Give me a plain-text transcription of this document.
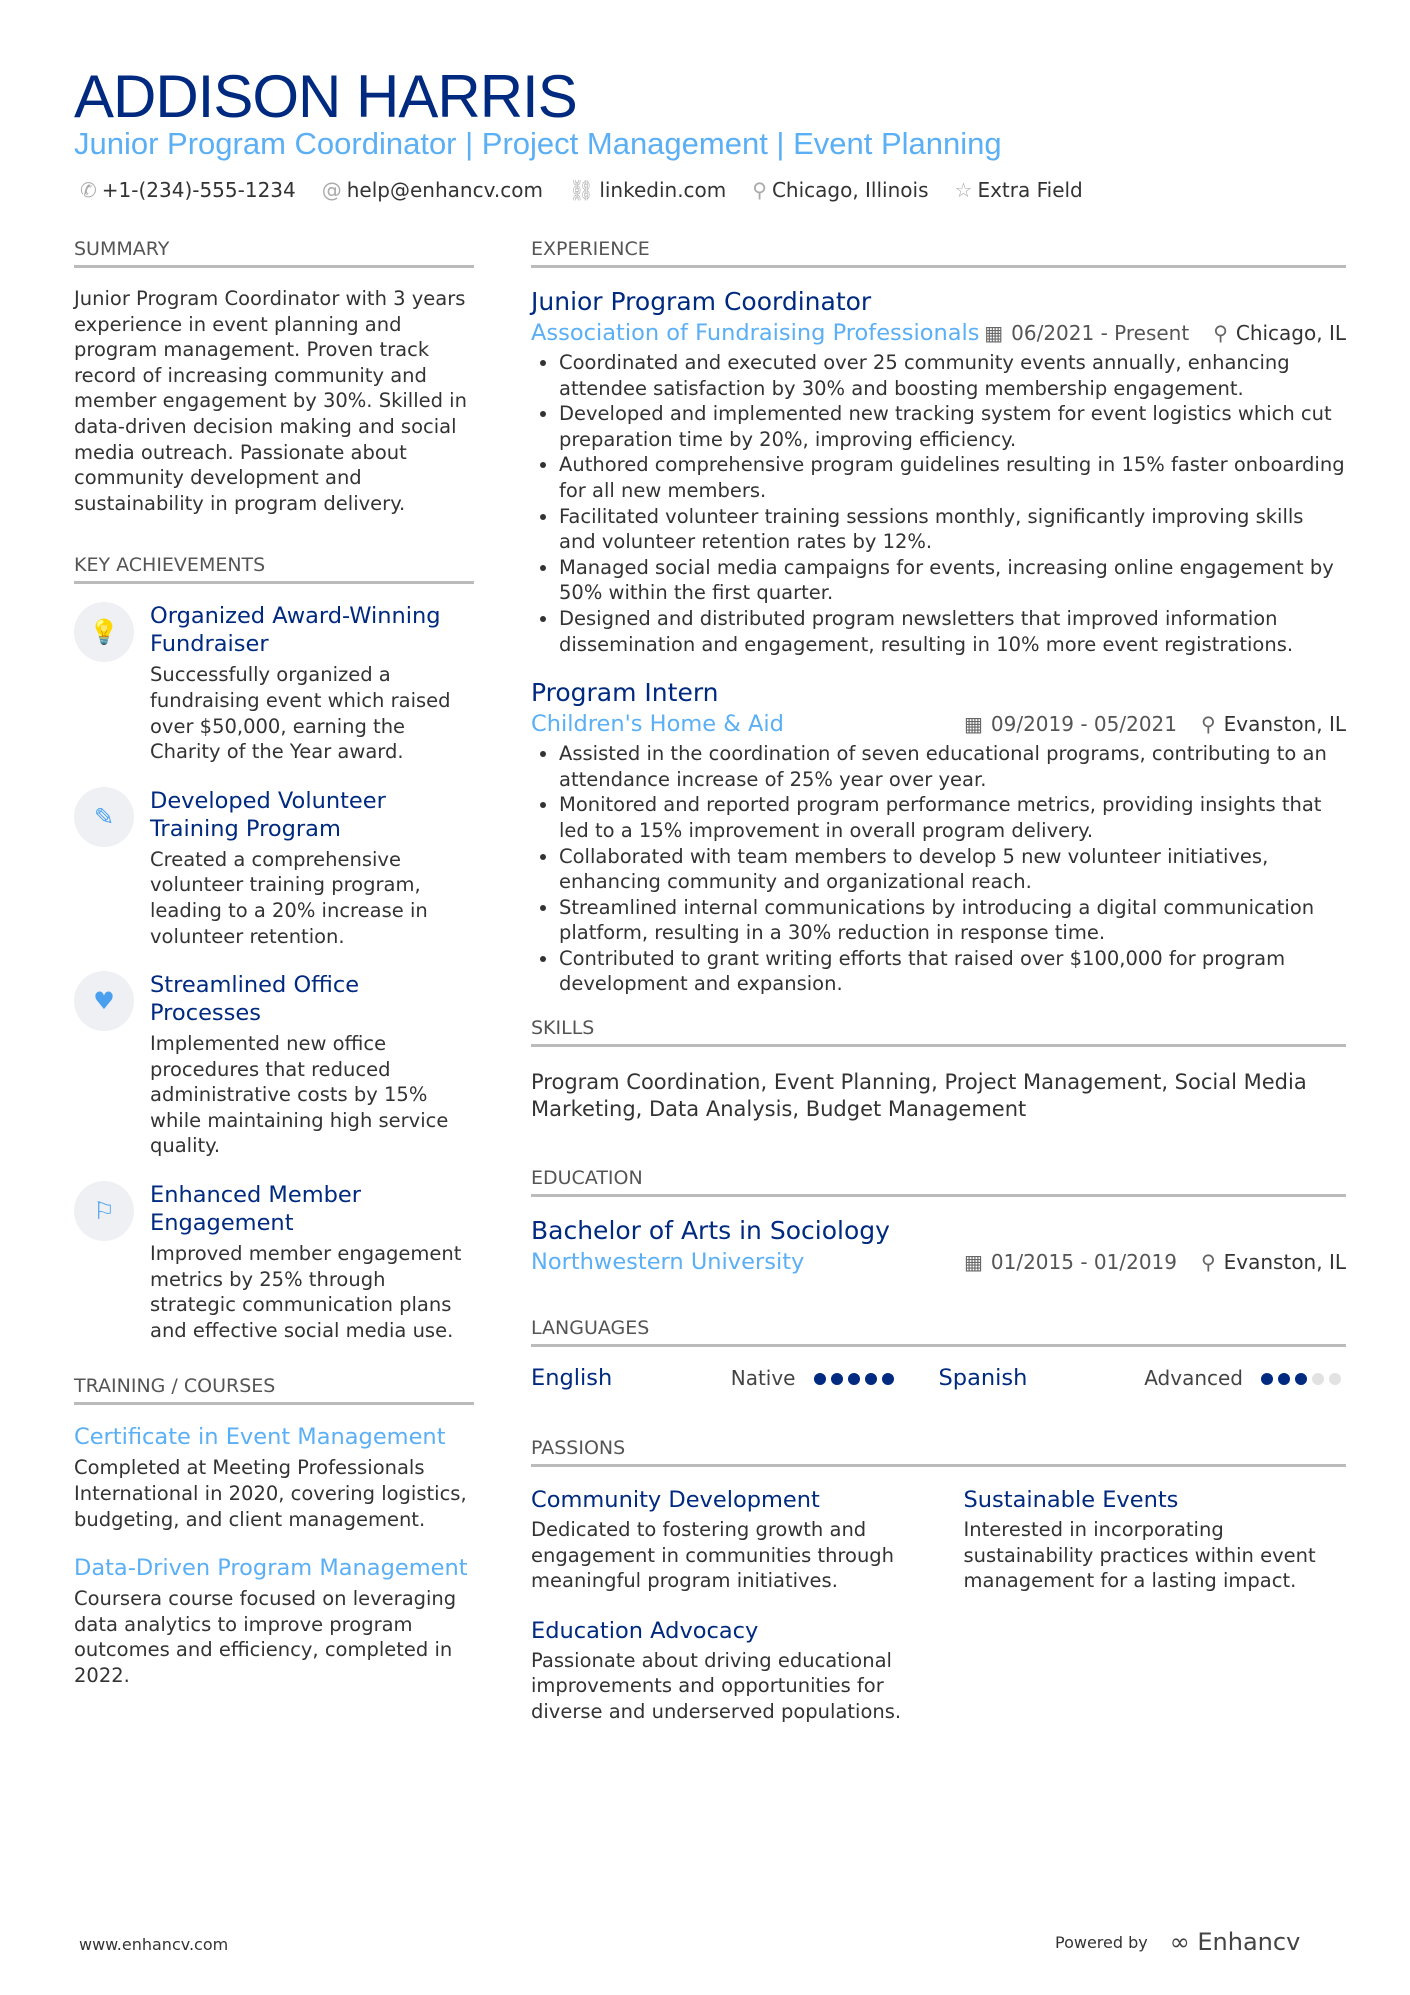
ADDISON HARRIS
Junior Program Coordinator | Project Management | Event Planning
✆ +1-(234)-555-1234 @ help@enhancv.com ⛓ linkedin.com ⚲ Chicago, Illinois ☆ Extra Field
SUMMARY

Junior Program Coordinator with 3 years experience in event planning and program management. Proven track record of increasing community and member engagement by 30%. Skilled in data-driven decision making and social media outreach. Passionate about community development and sustainability in program delivery.

KEY ACHIEVEMENTS
💡
Organized Award-Winning Fundraiser

Successfully organized a fundraising event which raised over $50,000, earning the Charity of the Year award.

✎
Developed Volunteer Training Program

Created a comprehensive volunteer training program, leading to a 20% increase in volunteer retention.

♥
Streamlined Office Processes

Implemented new office procedures that reduced administrative costs by 15% while maintaining high service quality.

⚐
Enhanced Member Engagement

Improved member engagement metrics by 25% through strategic communication plans and effective social media use.

TRAINING / COURSES
Certificate in Event Management

Completed at Meeting Professionals International in 2020, covering logistics, budgeting, and client management.

Data-Driven Program Management

Coursera course focused on leveraging data analytics to improve program outcomes and efficiency, completed in 2022.

EXPERIENCE
Junior Program Coordinator
Association of Fundraising Professionals ▦ 06/2021 - Present ⚲ Chicago, IL
• Coordinated and executed over 25 community events annually, enhancing attendee satisfaction by 30% and boosting membership engagement.
• Developed and implemented new tracking system for event logistics which cut preparation time by 20%, improving efficiency.
• Authored comprehensive program guidelines resulting in 15% faster onboarding for all new members.
• Facilitated volunteer training sessions monthly, significantly improving skills and volunteer retention rates by 12%.
• Managed social media campaigns for events, increasing online engagement by 50% within the first quarter.
• Designed and distributed program newsletters that improved information dissemination and engagement, resulting in 10% more event registrations.
Program Intern
Children's Home & Aid	▦ 09/2019 - 05/2021 ⚲ Evanston, IL
• Assisted in the coordination of seven educational programs, contributing to an attendance increase of 25% year over year.
• Monitored and reported program performance metrics, providing insights that led to a 15% improvement in overall program delivery.
• Collaborated with team members to develop 5 new volunteer initiatives, enhancing community and organizational reach.
• Streamlined internal communications by introducing a digital communication platform, resulting in a 30% reduction in response time.
• Contributed to grant writing efforts that raised over $100,000 for program development and expansion.
SKILLS

Program Coordination, Event Planning, Project Management, Social Media Marketing, Data Analysis, Budget Management

EDUCATION
Bachelor of Arts in Sociology
Northwestern University	▦ 01/2015 - 01/2019 ⚲ Evanston, IL
LANGUAGES
English	Native	Spanish	Advanced
PASSIONS
Community Development

Dedicated to fostering growth and engagement in communities through meaningful program initiatives.

Sustainable Events

Interested in incorporating sustainability practices within event management for a lasting impact.

Education Advocacy

Passionate about driving educational improvements and opportunities for diverse and underserved populations.

www.enhancv.com	Powered by ∞ Enhancv
